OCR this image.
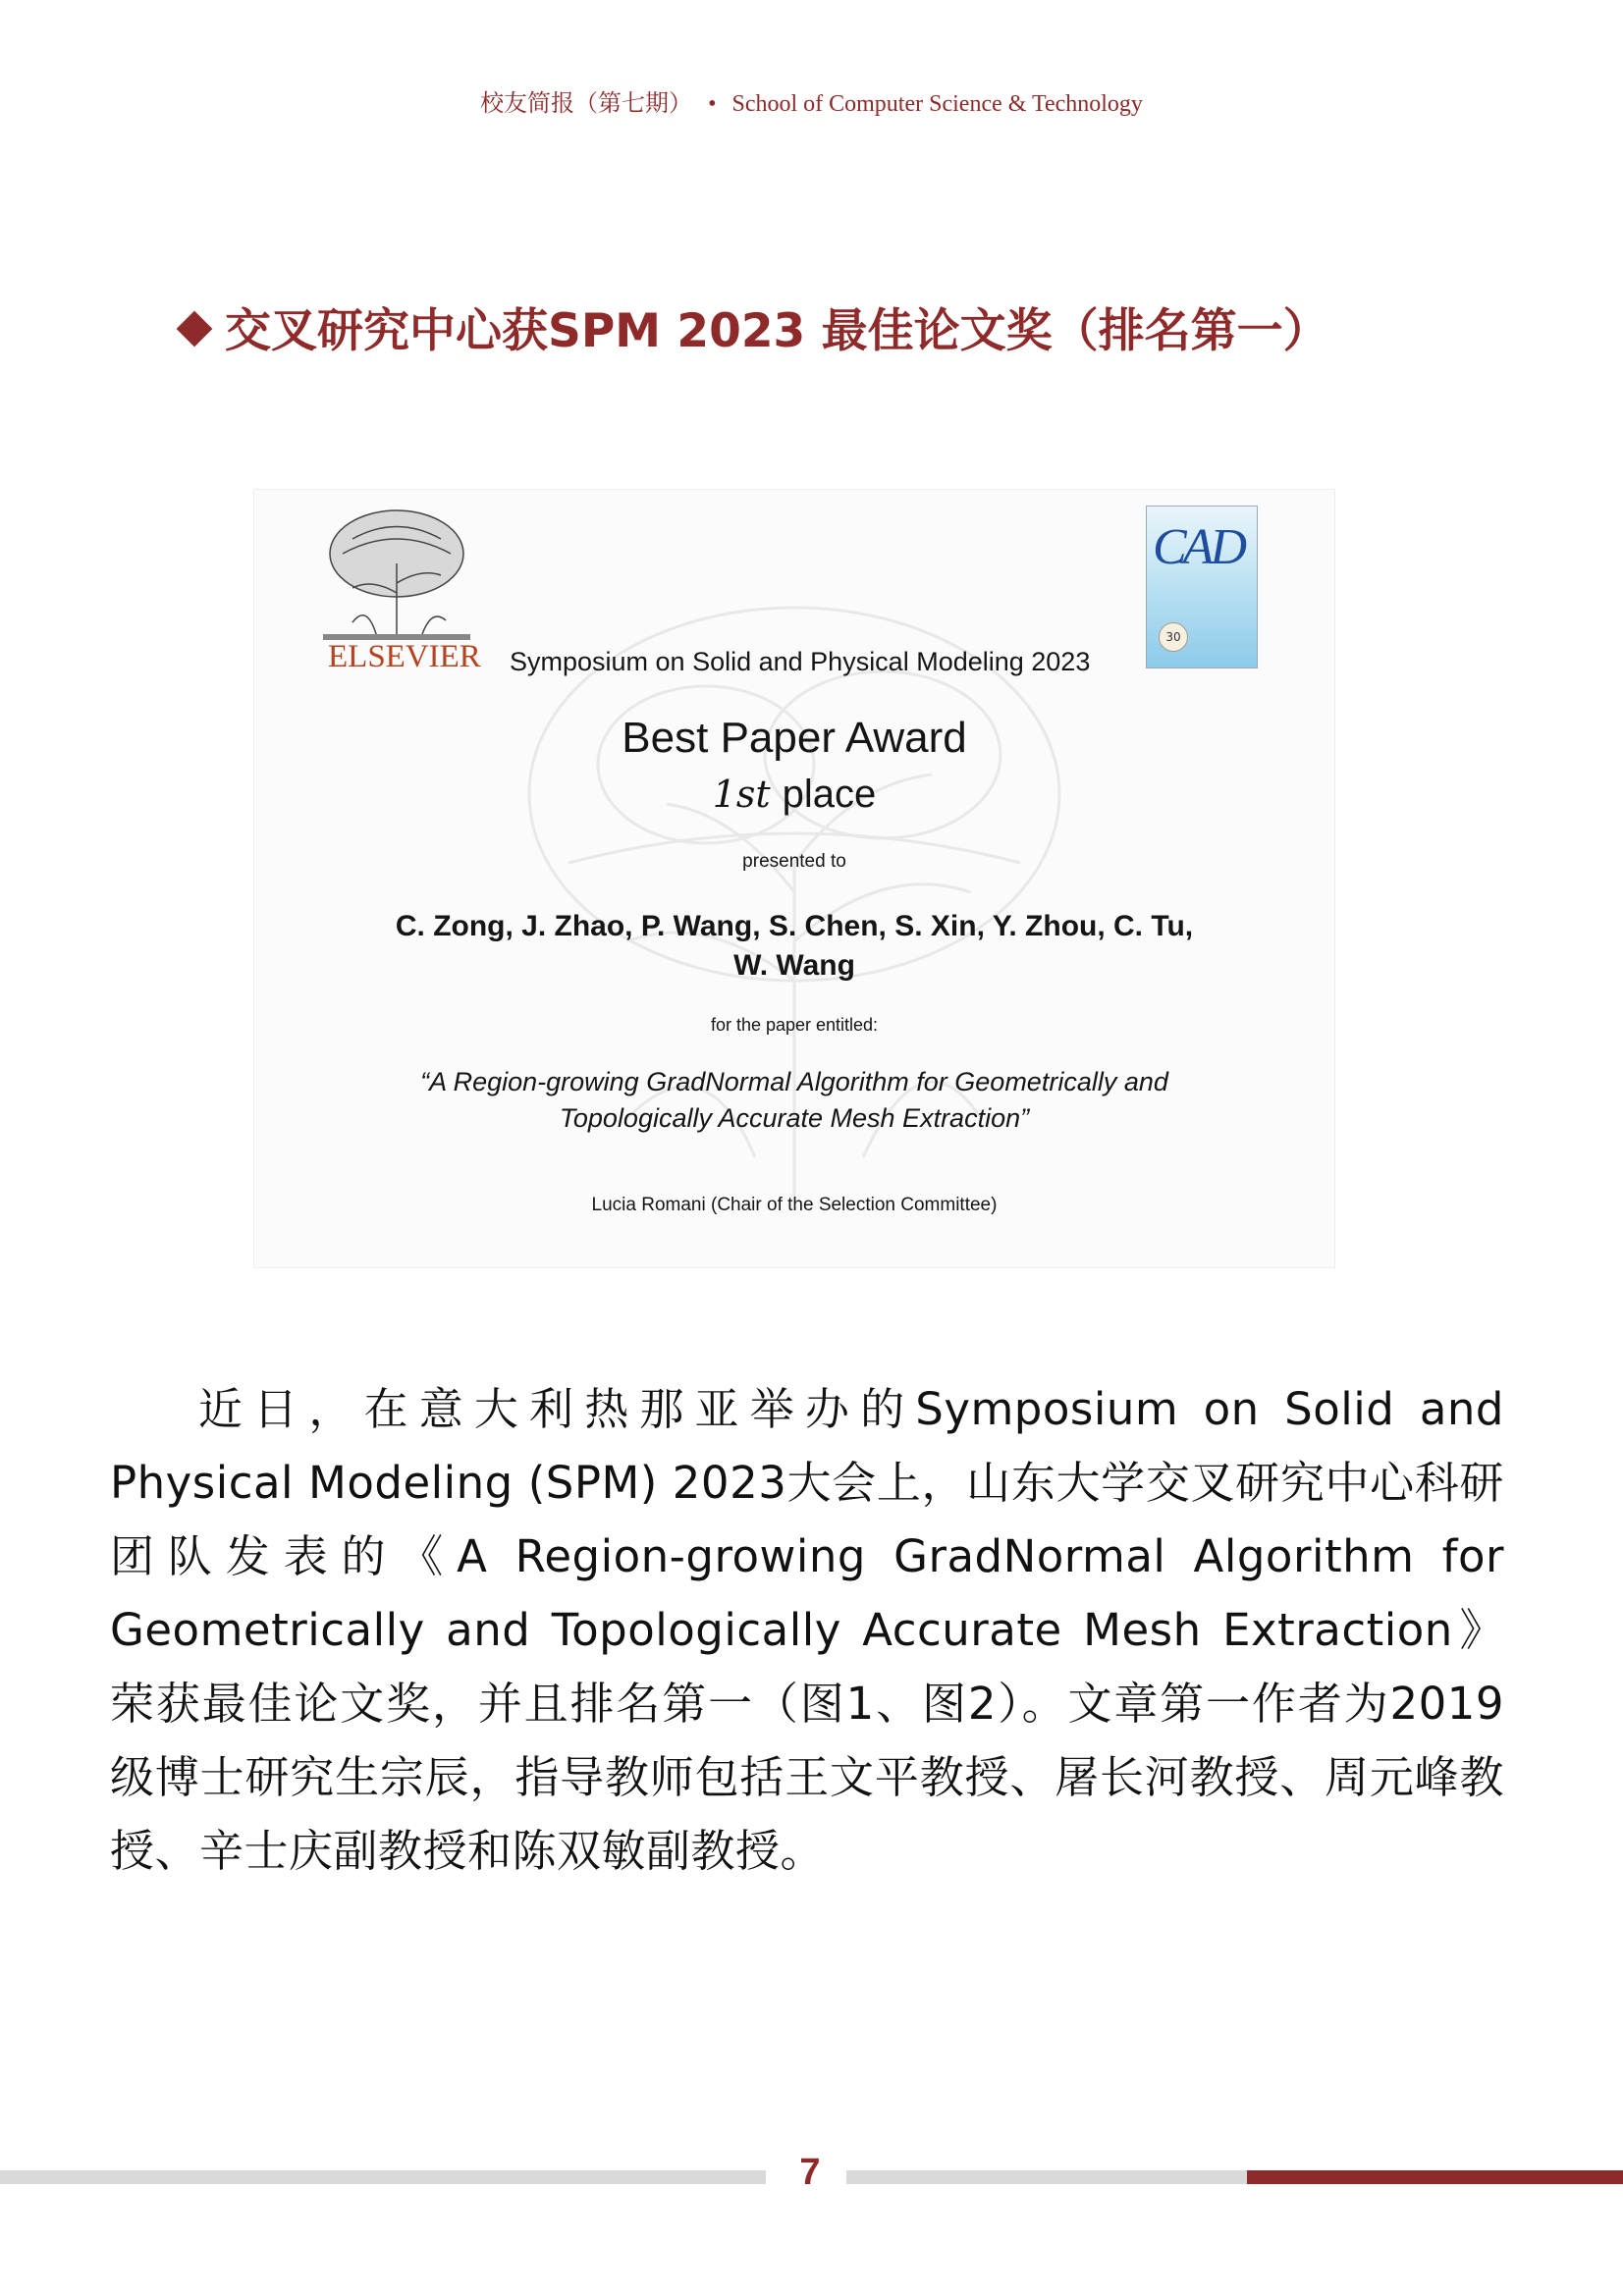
校友简报（第七期） • School of Computer Science & Technology
交叉研究中心获SPM 2023 最佳论文奖（排名第一）
ELSEVIER
CAD
30
Symposium on Solid and Physical Modeling 2023
Best Paper Award
1st place
presented to
C. Zong, J. Zhao, P. Wang, S. Chen, S. Xin, Y. Zhou, C. Tu,
W. Wang
for the paper entitled:
“A Region-growing GradNormal Algorithm for Geometrically and
Topologically Accurate Mesh Extraction”
Lucia Romani (Chair of the Selection Committee)
近日，在意大利热那亚举办的Symposium on Solid and Physical Modeling (SPM) 2023大会上，山东大学交叉研究中心科研团队发表的《A Region-growing GradNormal Algorithm for Geometrically and Topologically Accurate Mesh Extraction》荣获最佳论文奖，并且排名第一（图1、图2）。文章第一作者为2019级博士研究生宗辰，指导教师包括王文平教授、屠长河教授、周元峰教授、辛士庆副教授和陈双敏副教授。
7
